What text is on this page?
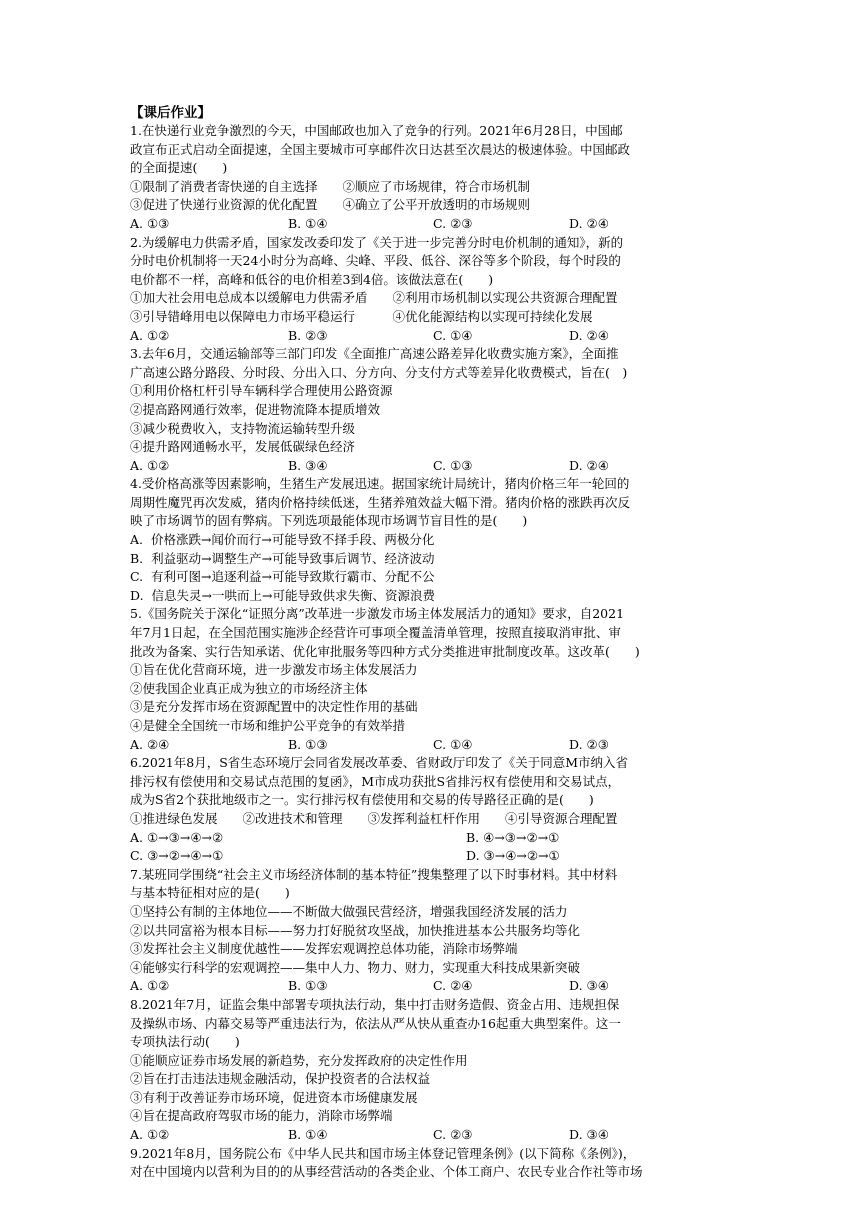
【课后作业】
1.在快递行业竞争激烈的今天，中国邮政也加入了竞争的行列。2021年6月28日，中国邮
政宣布正式启动全面提速，全国主要城市可享邮件次日达甚至次晨达的极速体验。中国邮政
的全面提速(　　)
①限制了消费者寄快递的自主选择　　②顺应了市场规律，符合市场机制
③促进了快递行业资源的优化配置　　④确立了公平开放透明的市场规则
A. ①③	B. ①④	C. ②③	D. ②④
2.为缓解电力供需矛盾，国家发改委印发了《关于进一步完善分时电价机制的通知》，新的
分时电价机制将一天24小时分为高峰、尖峰、平段、低谷、深谷等多个阶段，每个时段的
电价都不一样，高峰和低谷的电价相差3到4倍。该做法意在(　　)
①加大社会用电总成本以缓解电力供需矛盾　　②利用市场机制以实现公共资源合理配置
③引导错峰用电以保障电力市场平稳运行　　　④优化能源结构以实现可持续化发展
A. ①②	B. ②③	C. ①④	D. ②④
3.去年6月，交通运输部等三部门印发《全面推广高速公路差异化收费实施方案》，全面推
广高速公路分路段、分时段、分出入口、分方向、分支付方式等差异化收费模式，旨在(　)
①利用价格杠杆引导车辆科学合理使用公路资源
②提高路网通行效率，促进物流降本提质增效
③减少税费收入，支持物流运输转型升级
④提升路网通畅水平，发展低碳绿色经济
A. ①②	B. ③④	C. ①③	D. ②④
4.受价格高涨等因素影响，生猪生产发展迅速。据国家统计局统计，猪肉价格三年一轮回的
周期性魔咒再次发威，猪肉价格持续低迷，生猪养殖效益大幅下滑。猪肉价格的涨跌再次反
映了市场调节的固有弊病。下列选项最能体现市场调节盲目性的是(　　)
A.  价格涨跌→闻价而行→可能导致不择手段、两极分化
B.  利益驱动→调整生产→可能导致事后调节、经济波动
C.  有利可图→追逐利益→可能导致欺行霸市、分配不公
D.  信息失灵→一哄而上→可能导致供求失衡、资源浪费
5.《国务院关于深化“证照分离”改革进一步激发市场主体发展活力的通知》要求，自2021
年7月1日起，在全国范围实施涉企经营许可事项全覆盖清单管理，按照直接取消审批、审
批改为备案、实行告知承诺、优化审批服务等四种方式分类推进审批制度改革。这改革(　　)
①旨在优化营商环境，进一步激发市场主体发展活力
②使我国企业真正成为独立的市场经济主体
③是充分发挥市场在资源配置中的决定性作用的基础
④是健全全国统一市场和维护公平竞争的有效举措
A. ②④	B. ①③	C. ①④	D. ②③
6.2021年8月，S省生态环境厅会同省发展改革委、省财政厅印发了《关于同意M市纳入省
排污权有偿使用和交易试点范围的复函》，M市成功获批S省排污权有偿使用和交易试点，
成为S省2个获批地级市之一。实行排污权有偿使用和交易的传导路径正确的是(　　)
①推进绿色发展　　②改进技术和管理　　③发挥利益杠杆作用　　④引导资源合理配置
A. ①→③→④→②	B. ④→③→②→①
C. ③→②→④→①	D. ③→④→②→①
7.某班同学围绕“社会主义市场经济体制的基本特征”搜集整理了以下时事材料。其中材料
与基本特征相对应的是(　　)
①坚持公有制的主体地位——不断做大做强民营经济，增强我国经济发展的活力
②以共同富裕为根本目标——努力打好脱贫攻坚战，加快推进基本公共服务均等化
③发挥社会主义制度优越性——发挥宏观调控总体功能，消除市场弊端
④能够实行科学的宏观调控——集中人力、物力、财力，实现重大科技成果新突破
A. ①②	B. ①③	C. ②④	D. ③④
8.2021年7月，证监会集中部署专项执法行动，集中打击财务造假、资金占用、违规担保
及操纵市场、内幕交易等严重违法行为，依法从严从快从重查办16起重大典型案件。这一
专项执法行动(　　)
①能顺应证券市场发展的新趋势，充分发挥政府的决定性作用
②旨在打击违法违规金融活动，保护投资者的合法权益
③有利于改善证券市场环境，促进资本市场健康发展
④旨在提高政府驾驭市场的能力，消除市场弊端
A. ①②	B. ①④	C. ②③	D. ③④
9.2021年8月，国务院公布《中华人民共和国市场主体登记管理条例》(以下简称《条例》)，
对在中国境内以营利为目的的从事经营活动的各类企业、个体工商户、农民专业合作社等市场
